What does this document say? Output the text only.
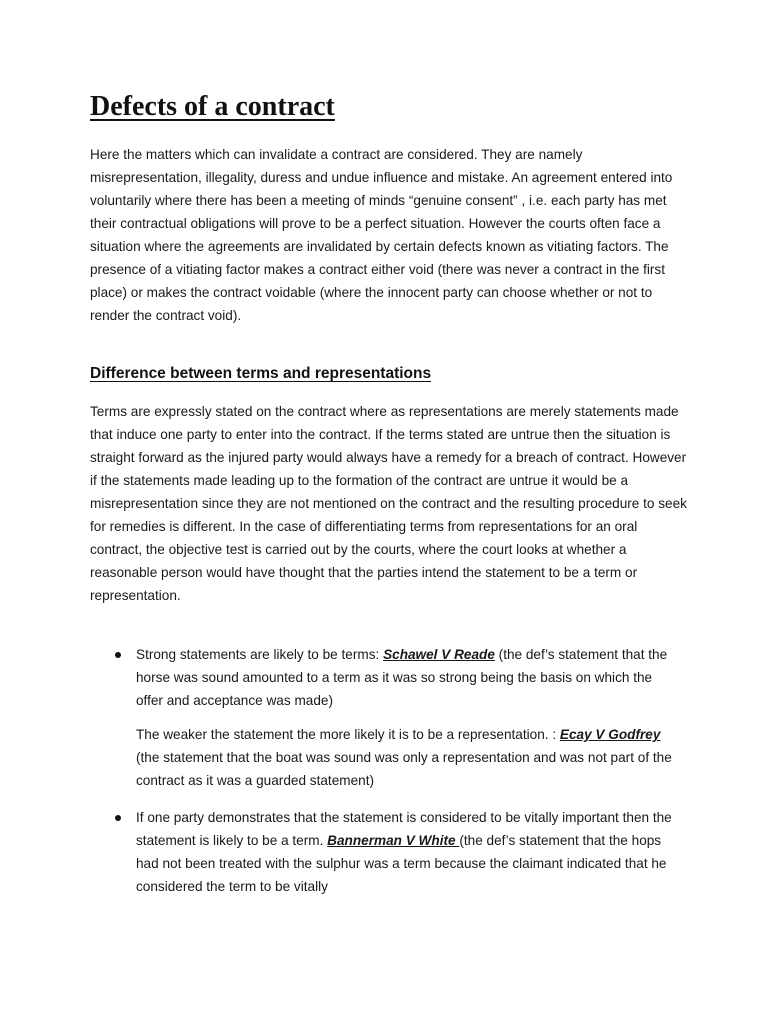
Defects of a contract

Here the matters which can invalidate a contract are considered. They are namely misrepresentation, illegality, duress and undue influence and mistake. An agreement entered into voluntarily where there has been a meeting of minds “genuine consent” , i.e. each party has met their contractual obligations will prove to be a perfect situation. However the courts often face a situation where the agreements are invalidated by certain defects known as vitiating factors. The presence of a vitiating factor makes a contract either void (there was never a contract in the first place) or makes the contract voidable (where the innocent party can choose whether or not to render the contract void).

Difference between terms and representations

Terms are expressly stated on the contract where as representations are merely statements made that induce one party to enter into the contract. If the terms stated are untrue then the situation is straight forward as the injured party would always have a remedy for a breach of contract. However if the statements made leading up to the formation of the contract are untrue it would be a misrepresentation since they are not mentioned on the contract and the resulting procedure to seek for remedies is different. In the case of differentiating terms from representations for an oral contract, the objective test is carried out by the courts, where the court looks at whether a reasonable person would have thought that the parties intend the statement to be a term or representation.

Strong statements are likely to be terms: Schawel V Reade (the def’s statement that the horse was sound amounted to a term as it was so strong being the basis on which the offer and acceptance was made)

The weaker the statement the more likely it is to be a representation. : Ecay V Godfrey (the statement that the boat was sound was only a representation and was not part of the contract as it was a guarded statement)

If one party demonstrates that the statement is considered to be vitally important then the statement is likely to be a term. Bannerman V White (the def’s statement that the hops had not been treated with the sulphur was a term because the claimant indicated that he considered the term to be vitally
